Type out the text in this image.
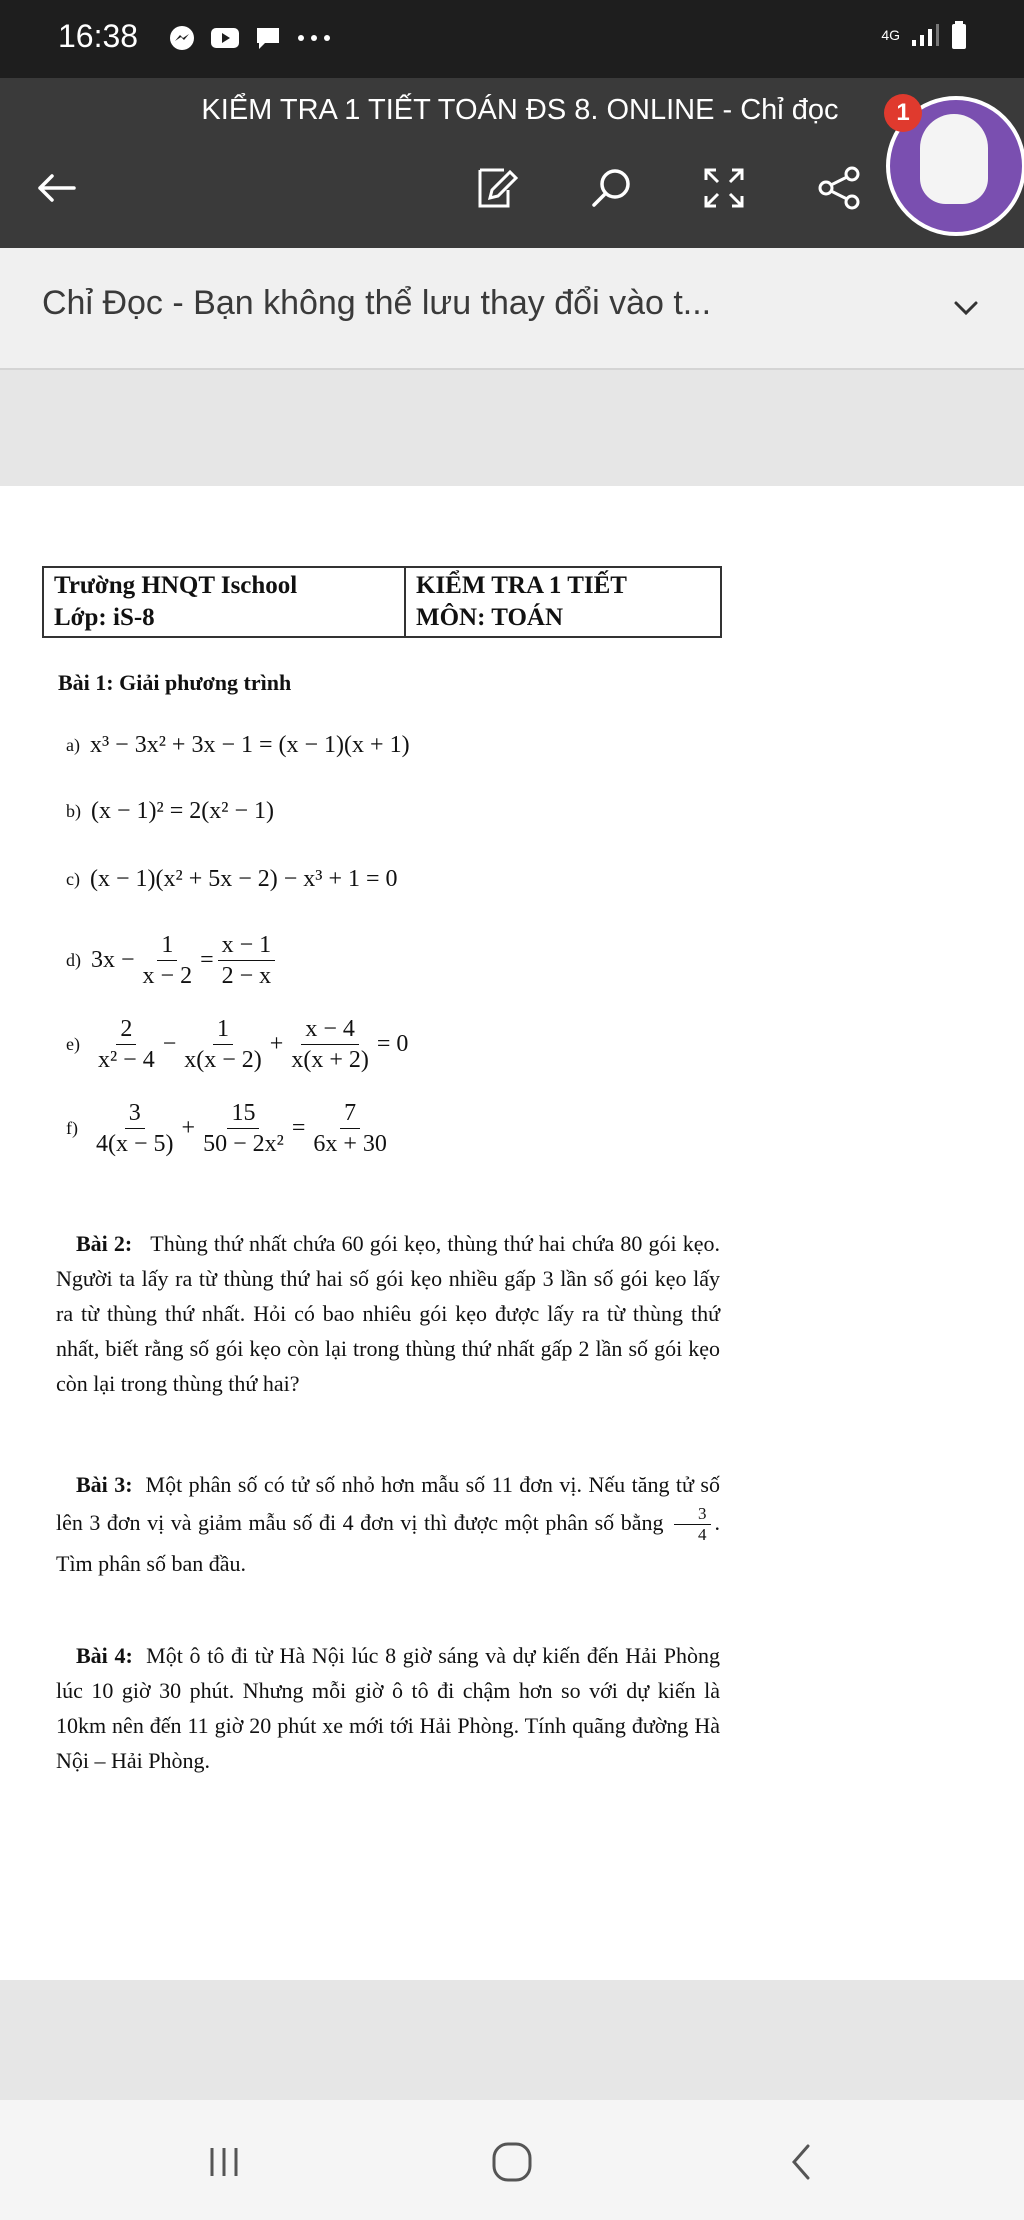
16:38	4G
KIỂM TRA 1 TIẾT TOÁN ĐS 8. ONLINE - Chỉ đọc	1
Chỉ Đọc - Bạn không thể lưu thay đổi vào t...
Trường HNQT Ischool
Lớp: iS-8

KIỂM TRA 1 TIẾT
MÔN: TOÁN
Bài 1: Giải phương trình
a) x³ − 3x² + 3x − 1 = (x − 1)(x + 1)
b) (x − 1)² = 2(x² − 1)
c) (x − 1)(x² + 5x − 2) − x³ + 1 = 0
d) $3x - \frac{1}{x - 2} = \frac{x - 1}{2 - x}$
$e) \frac{2}{\text{x² − 4}} - \frac{1}{x(x - 2)} + \frac{x - 4}{x(x + 2)} = 0$
$f) \frac{3}{4(x - 5)} + \frac{15}{\text{50 − 2x²}} = \frac{7}{6x + 30}$
Bài 2: Thùng thứ nhất chứa 60 gói kẹo, thùng thứ hai chứa 80 gói kẹo. Người ta lấy ra từ thùng thứ hai số gói kẹo nhiều gấp 3 lần số gói kẹo lấy ra từ thùng thứ nhất. Hỏi có bao nhiêu gói kẹo được lấy ra từ thùng thứ nhất, biết rằng số gói kẹo còn lại trong thùng thứ nhất gấp 2 lần số gói kẹo còn lại trong thùng thứ hai?
Bài 3: Một phân số có tử số nhỏ hơn mẫu số 11 đơn vị. Nếu tăng tử số lên 3 đơn vị và giảm mẫu số đi 4 đơn vị thì được một phân số bằng $\frac{3}{4}$ . Tìm phân số ban đầu.
Bài 4: Một ô tô đi từ Hà Nội lúc 8 giờ sáng và dự kiến đến Hải Phòng lúc 10 giờ 30 phút. Nhưng mỗi giờ ô tô đi chậm hơn so với dự kiến là 10km nên đến 11 giờ 20 phút xe mới tới Hải Phòng. Tính quãng đường Hà Nội – Hải Phòng.
